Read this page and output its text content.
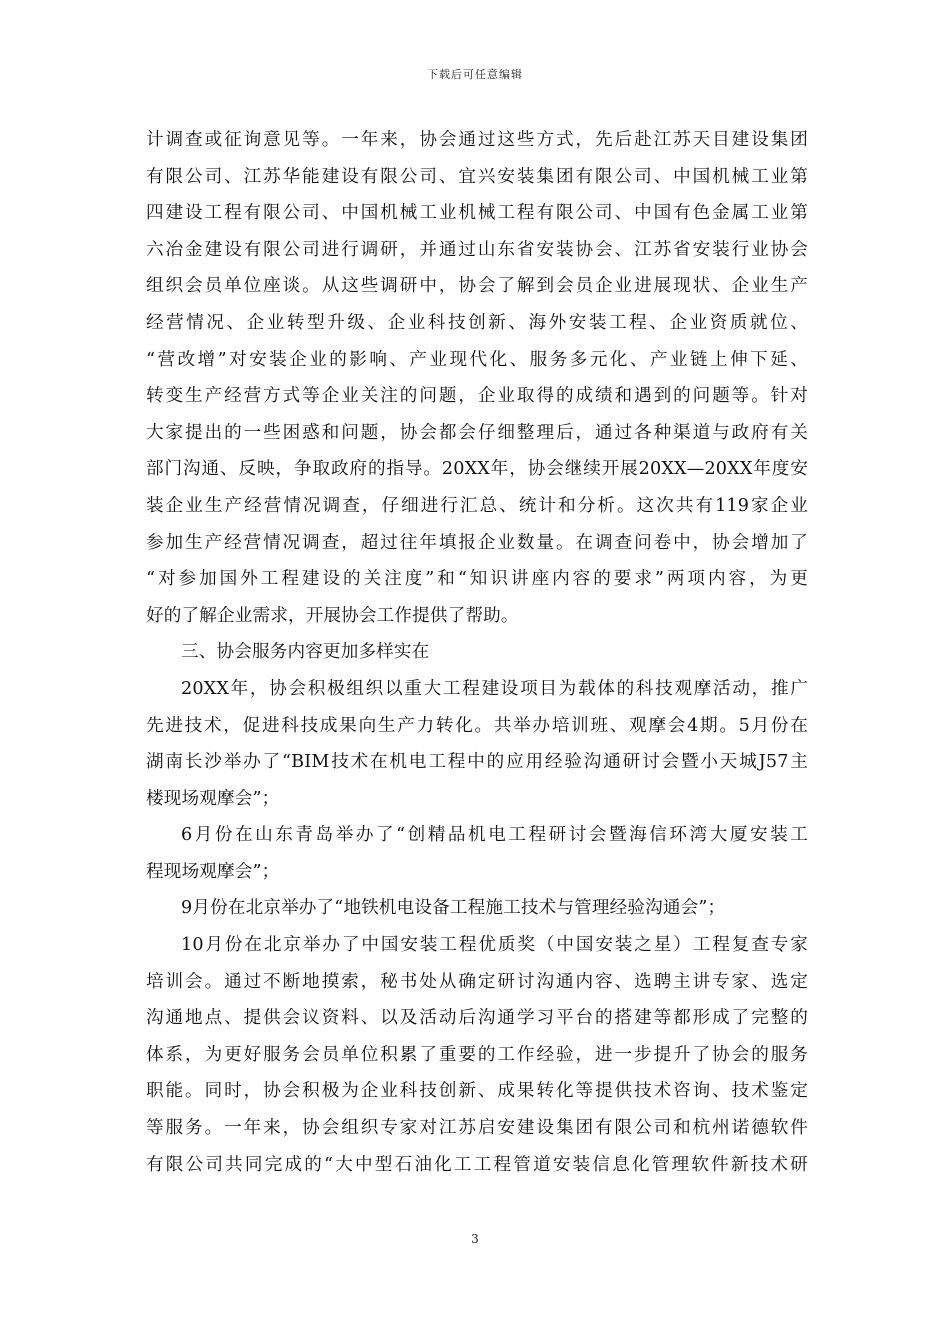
下载后可任意编辑
计调查或征询意见等。一年来，协会通过这些方式，先后赴江苏天目建设集团
有限公司、江苏华能建设有限公司、宜兴安装集团有限公司、中国机械工业第
四建设工程有限公司、中国机械工业机械工程有限公司、中国有色金属工业第
六冶金建设有限公司进行调研，并通过山东省安装协会、江苏省安装行业协会
组织会员单位座谈。从这些调研中，协会了解到会员企业进展现状、企业生产
经营情况、企业转型升级、企业科技创新、海外安装工程、企业资质就位、
“营改增”对安装企业的影响、产业现代化、服务多元化、产业链上伸下延、
转变生产经营方式等企业关注的问题，企业取得的成绩和遇到的问题等。针对
大家提出的一些困惑和问题，协会都会仔细整理后，通过各种渠道与政府有关
部门沟通、反映，争取政府的指导。20XX年，协会继续开展20XX—20XX年度安
装企业生产经营情况调查，仔细进行汇总、统计和分析。这次共有119家企业
参加生产经营情况调查，超过往年填报企业数量。在调查问卷中，协会增加了
“对参加国外工程建设的关注度”和“知识讲座内容的要求”两项内容，为更
好的了解企业需求，开展协会工作提供了帮助。
三、协会服务内容更加多样实在
20XX年，协会积极组织以重大工程建设项目为载体的科技观摩活动，推广
先进技术，促进科技成果向生产力转化。共举办培训班、观摩会4期。5月份在
湖南长沙举办了“BIM技术在机电工程中的应用经验沟通研讨会暨小天城J57主
楼现场观摩会”；
6月份在山东青岛举办了“创精品机电工程研讨会暨海信环湾大厦安装工
程现场观摩会”；
9月份在北京举办了“地铁机电设备工程施工技术与管理经验沟通会”；
10月份在北京举办了中国安装工程优质奖（中国安装之星）工程复查专家
培训会。通过不断地摸索，秘书处从确定研讨沟通内容、选聘主讲专家、选定
沟通地点、提供会议资料、以及活动后沟通学习平台的搭建等都形成了完整的
体系，为更好服务会员单位积累了重要的工作经验，进一步提升了协会的服务
职能。同时，协会积极为企业科技创新、成果转化等提供技术咨询、技术鉴定
等服务。一年来，协会组织专家对江苏启安建设集团有限公司和杭州诺德软件
有限公司共同完成的“大中型石油化工工程管道安装信息化管理软件新技术研
3
